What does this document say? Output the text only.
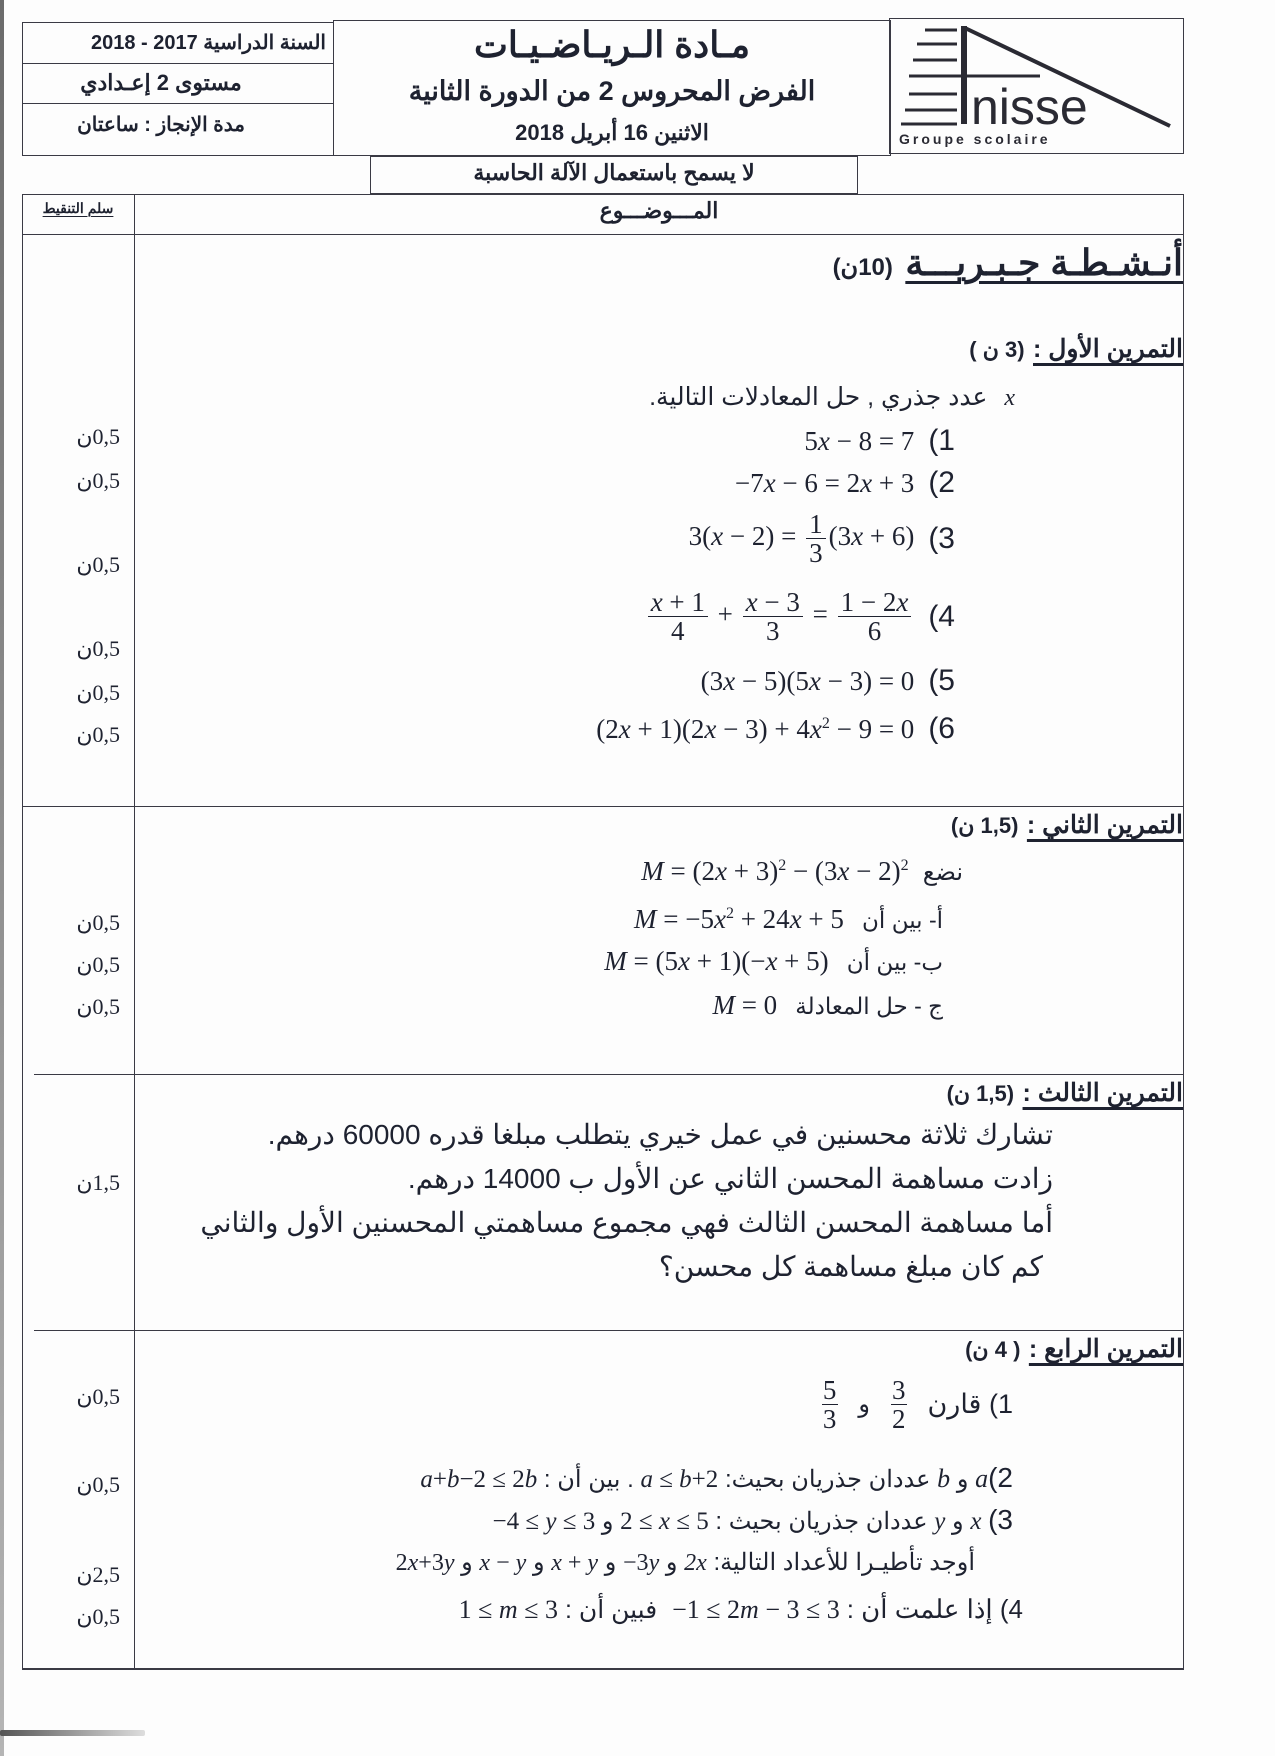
السنة الدراسية 2017 - 2018
مستوى 2 إعـدادي
مدة الإنجاز : ساعتان
مـادة الـريـاضـيـات
الفرض المحروس 2 من الدورة الثانية
الاثنين 16 أبريل 2018	nisse
Groupe scolaire
لا يسمح باستعمال الآلة الحاسبة
سلم التنقيط	المـــوضـــوع
أنـشـطـة جـبـريـــة (10ن)
التمرين الأول : (3 ن )
x عدد جذري , حل المعادلات التالية.
5x − 8 = 7 (1
−7x − 6 = 2x + 3 (2
$3(x - 2) = \frac{1}{3} (3x + 6)$ (3
$\frac{x + 1}{4} + \frac{x - 3}{3} = \frac{1 - 2x}{6} (4$
(3x − 5)(5x − 3) = 0 (5
$(2x + 1)(2x - 3) + 4x^2 - 9 = 0$ (6
0,5ن
0,5ن
0,5ن
0,5ن
0,5ن
0,5ن
التمرين الثاني : (1,5 ن)
نضع $M = (2x + 3)^2 - (3x - 2)^2$
أ- بين أن $M = -5x^2 + 24x + 5$
ب- بين أن M = (5x + 1)(−x + 5)
ج - حل المعادلة M = 0
0,5ن
0,5ن
0,5ن
التمرين الثالث : (1,5 ن)
تشارك ثلاثة محسنين في عمل خيري يتطلب مبلغا قدره 60000 درهم.
زادت مساهمة المحسن الثاني عن الأول ب 14000 درهم.
أما مساهمة المحسن الثالث فهي مجموع مساهمتي المحسنين الأول والثاني
كم كان مبلغ مساهمة كل محسن؟
1,5ن
التمرين الرابع : ( 4 ن)
1) قارن
$\frac{3}{2}$
و
$\frac{5}{3}$
2)a و b عددان جذريان بحيث: a ≤ b+2 . بين أن : a+b−2 ≤ 2b
3) x و y عددان جذريان بحيث : 2 ≤ x ≤ 5 و −4 ≤ y ≤ 3
أوجد تأطيـرا للأعداد التالية: 2x و −3y و x + y و x − y و 2x+3y
4) إذا علمت أن : −1 ≤ 2m − 3 ≤ 3 فبين أن : 1 ≤ m ≤ 3
0,5ن
0,5ن
2,5ن
0,5ن
